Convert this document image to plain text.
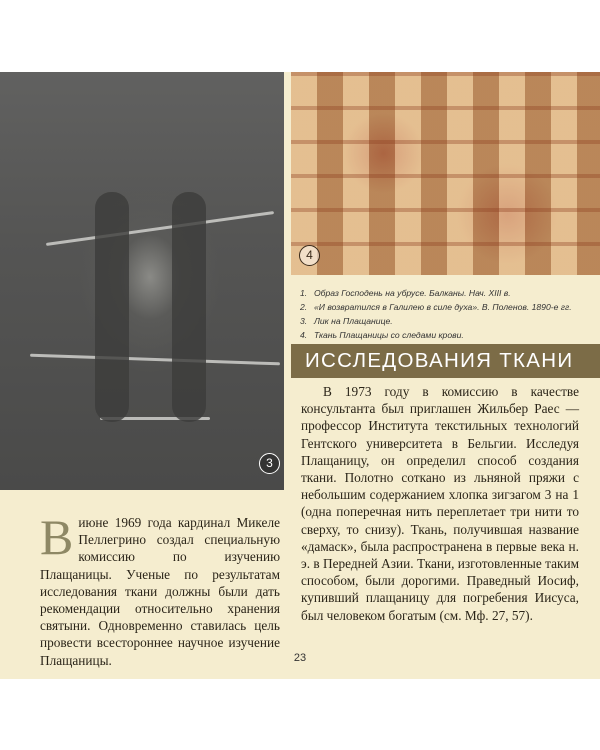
3
4
1. Образ Господень на убрусе. Балканы. Нач. XIII в.
2. «И возвратился в Галилею в силе духа». В. Поленов. 1890-е гг.
3. Лик на Плащанице.
4. Ткань Плащаницы со следами крови.
ИССЛЕДОВАНИЯ ТКАНИ

В 1973 году в комиссию в качестве консультанта был приглашен Жильбер Раес — профессор Института текстильных технологий Гентского университета в Бельгии. Исследуя Плащаницу, он определил способ создания ткани. Полотно соткано из льняной пряжи с небольшим содержанием хлопка зигзагом 3 на 1 (одна поперечная нить переплетает три нити то сверху, то снизу). Ткань, получившая название «дамаск», была распространена в первые века н. э. в Передней Азии. Ткани, изготовленные таким способом, были дорогими. Праведный Иосиф, купивший плащаницу для погребения Иисуса, был человеком богатым (см. Мф. 27, 57).

Виюне 1969 года кардинал Микеле Пеллегрино создал специальную комиссию по изучению Плащаницы. Ученые по результатам исследования ткани должны были дать рекомендации относительно хранения святыни. Одновременно ставилась цель провести всестороннее научное изучение Плащаницы.	23
